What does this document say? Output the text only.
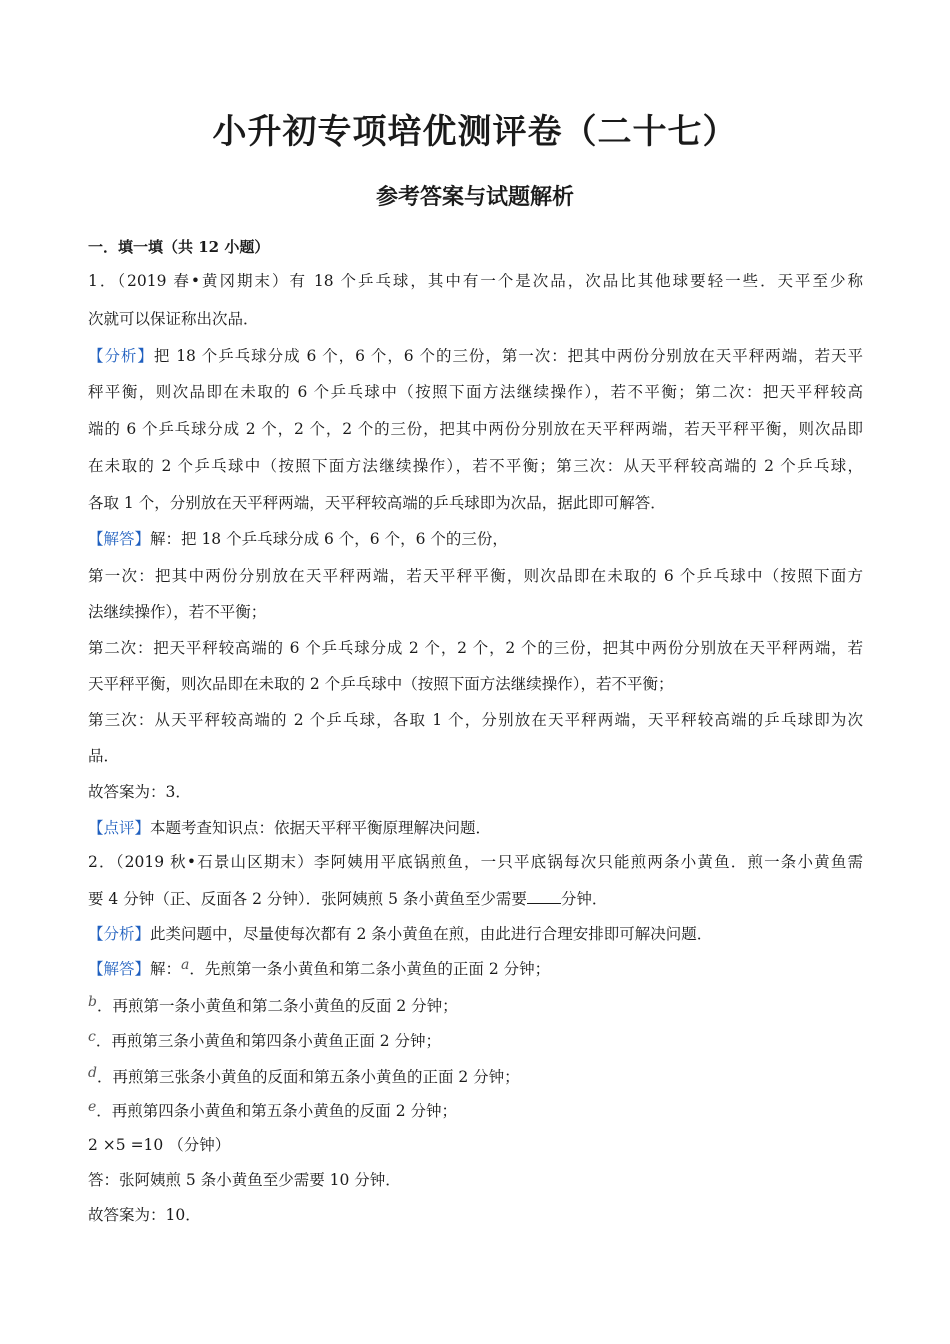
小升初专项培优测评卷（二十七）
参考答案与试题解析
一．填一填（共 12 小题）
1．（2019 春•黄冈期末）有 18 个乒乓球，其中有一个是次品，次品比其他球要轻一些．天平至少称
次就可以保证称出次品．
【分析】把 18 个乒乓球分成 6 个，6 个，6 个的三份，第一次：把其中两份分别放在天平秤两端，若天平
秤平衡，则次品即在未取的 6 个乒乓球中（按照下面方法继续操作），若不平衡；第二次：把天平秤较高
端的 6 个乒乓球分成 2 个，2 个，2 个的三份，把其中两份分别放在天平秤两端，若天平秤平衡，则次品即
在未取的 2 个乒乓球中（按照下面方法继续操作），若不平衡；第三次：从天平秤较高端的 2 个乒乓球，
各取 1 个，分别放在天平秤两端，天平秤较高端的乒乓球即为次品，据此即可解答．
【解答】解：把 18 个乒乓球分成 6 个，6 个，6 个的三份，
第一次：把其中两份分别放在天平秤两端，若天平秤平衡，则次品即在未取的 6 个乒乓球中（按照下面方
法继续操作），若不平衡；
第二次：把天平秤较高端的 6 个乒乓球分成 2 个，2 个，2 个的三份，把其中两份分别放在天平秤两端，若
天平秤平衡，则次品即在未取的 2 个乒乓球中（按照下面方法继续操作），若不平衡；
第三次：从天平秤较高端的 2 个乒乓球，各取 1 个，分别放在天平秤两端，天平秤较高端的乒乓球即为次
品．
故答案为：3．
【点评】本题考查知识点：依据天平秤平衡原理解决问题．
2．（2019 秋•石景山区期末）李阿姨用平底锅煎鱼，一只平底锅每次只能煎两条小黄鱼．煎一条小黄鱼需
要 4 分钟（正、反面各 2 分钟）．张阿姨煎 5 条小黄鱼至少需要 分钟．
【分析】此类问题中，尽量使每次都有 2 条小黄鱼在煎，由此进行合理安排即可解决问题．
【解答】解：a．先煎第一条小黄鱼和第二条小黄鱼的正面 2 分钟；
b．再煎第一条小黄鱼和第二条小黄鱼的反面 2 分钟；
c．再煎第三条小黄鱼和第四条小黄鱼正面 2 分钟；
d．再煎第三张条小黄鱼的反面和第五条小黄鱼的正面 2 分钟；
e．再煎第四条小黄鱼和第五条小黄鱼的反面 2 分钟；
2 ×5 =10 （分钟）
答：张阿姨煎 5 条小黄鱼至少需要 10 分钟．
故答案为：10．
